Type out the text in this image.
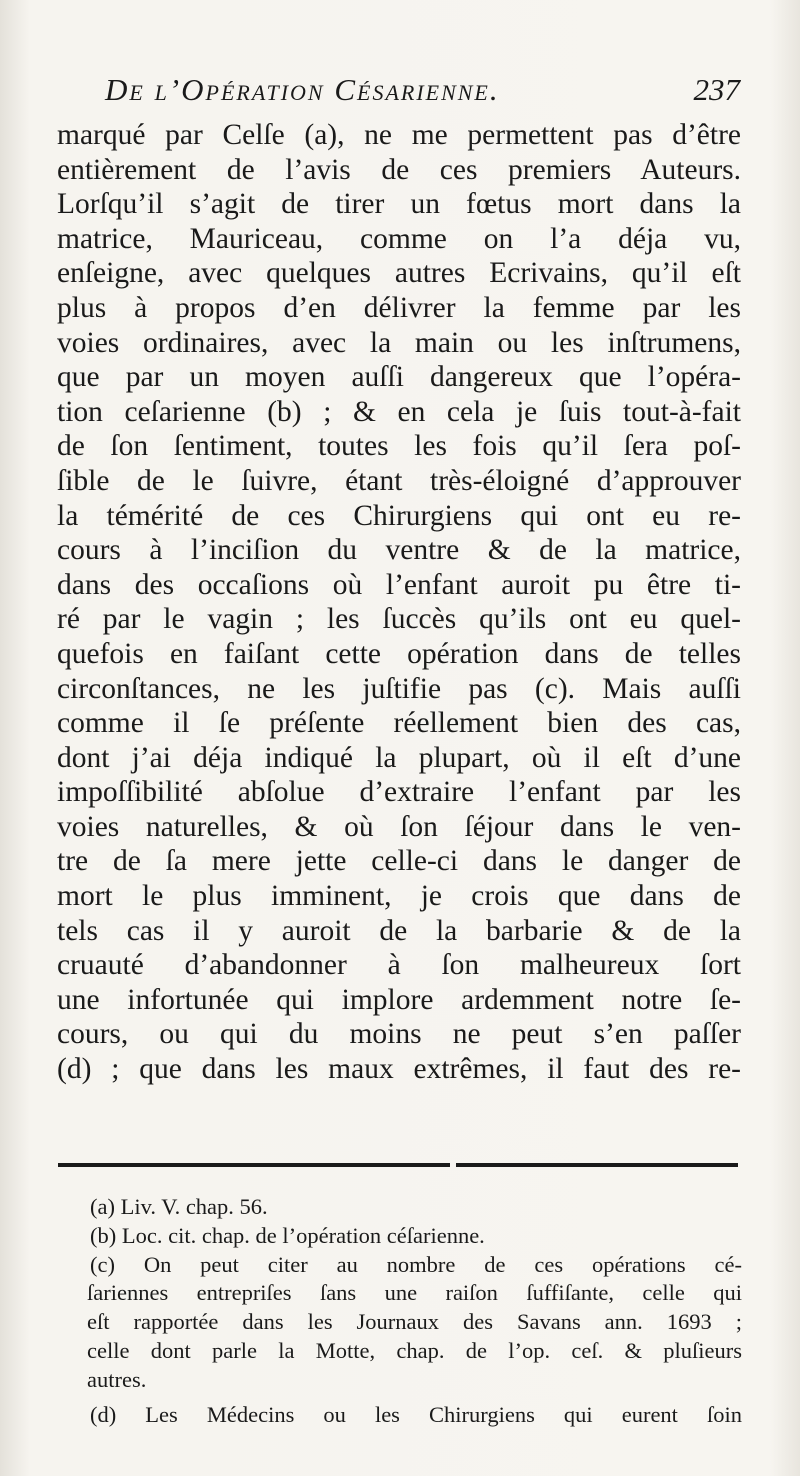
De l’Opération Césarienne.	237
marqué par Celſe (a), ne me permettent pas d’être
entièrement de l’avis de ces premiers Auteurs.
Lorſqu’il s’agit de tirer un fœtus mort dans la
matrice, Mauriceau, comme on l’a déja vu,
enſeigne, avec quelques autres Ecrivains, qu’il eſt
plus à propos d’en délivrer la femme par les
voies ordinaires, avec la main ou les inſtrumens,
que par un moyen auſſi dangereux que l’opéra-
tion ceſarienne (b) ; & en cela je ſuis tout-à-fait
de ſon ſentiment, toutes les fois qu’il ſera poſ-
ſible de le ſuivre, étant très-éloigné d’approuver
la témérité de ces Chirurgiens qui ont eu re-
cours à l’inciſion du ventre & de la matrice,
dans des occaſions où l’enfant auroit pu être ti-
ré par le vagin ; les ſuccès qu’ils ont eu quel-
quefois en faiſant cette opération dans de telles
circonſtances, ne les juſtifie pas (c). Mais auſſi
comme il ſe préſente réellement bien des cas,
dont j’ai déja indiqué la plupart, où il eſt d’une
impoſſibilité abſolue d’extraire l’enfant par les
voies naturelles, & où ſon ſéjour dans le ven-
tre de ſa mere jette celle-ci dans le danger de
mort le plus imminent, je crois que dans de
tels cas il y auroit de la barbarie & de la
cruauté d’abandonner à ſon malheureux ſort
une infortunée qui implore ardemment notre ſe-
cours, ou qui du moins ne peut s’en paſſer
(d) ; que dans les maux extrêmes, il faut des re-
(a) Liv. V. chap. 56.
(b) Loc. cit. chap. de l’opération céſarienne.
(c) On peut citer au nombre de ces opérations cé-
ſariennes entrepriſes ſans une raiſon ſuffiſante, celle qui
eſt rapportée dans les Journaux des Savans ann. 1693 ;
celle dont parle la Motte, chap. de l’op. ceſ. & pluſieurs
autres.
(d) Les Médecins ou les Chirurgiens qui eurent ſoin
